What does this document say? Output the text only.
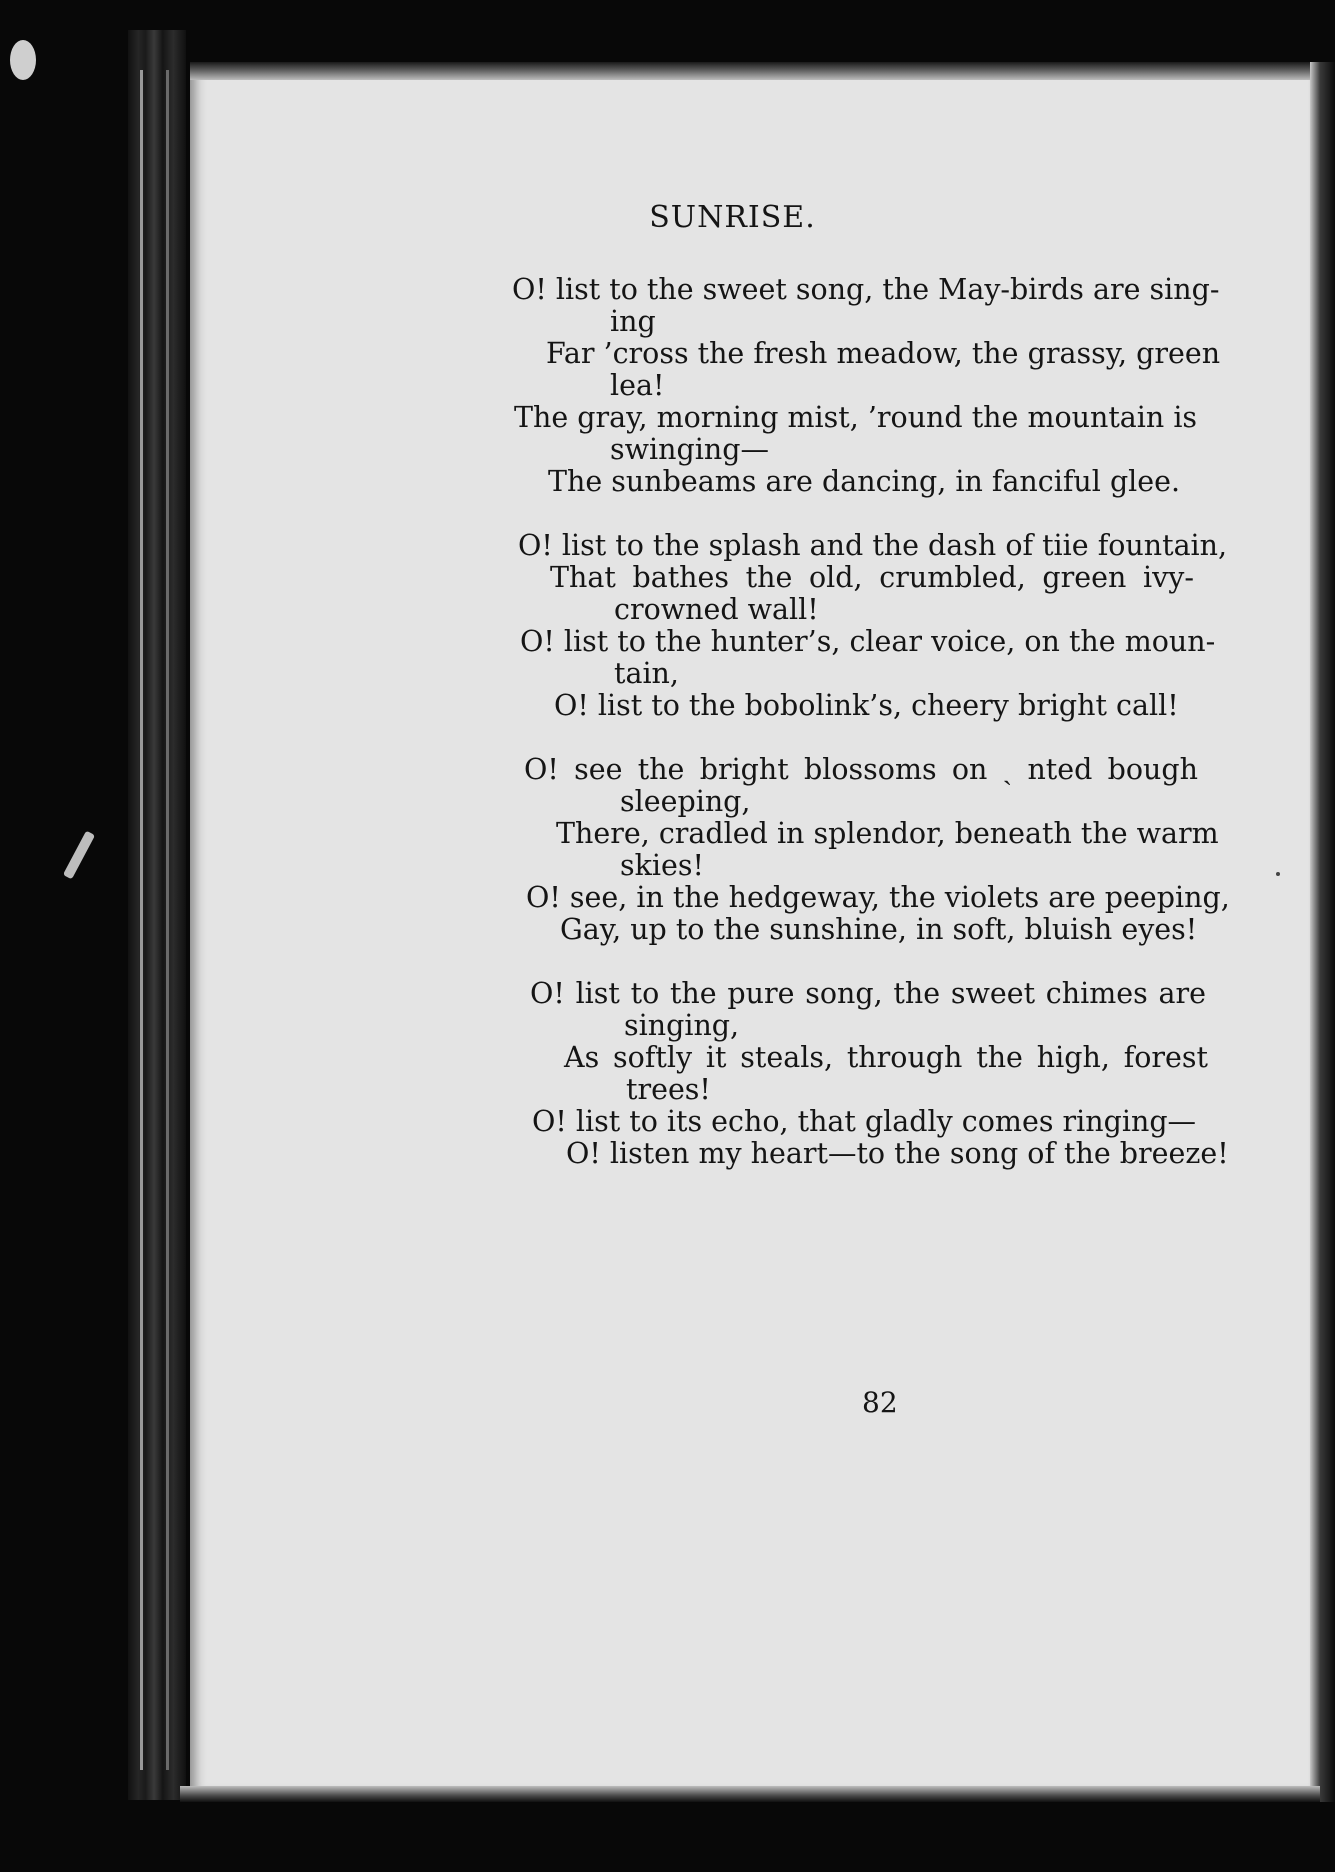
SUNRISE.
O! list to the sweet song, the May-birds are sing-
ing
Far ’cross the fresh meadow, the grassy, green
lea!
The gray, morning mist, ’round the mountain is
swinging—
The sunbeams are dancing, in fanciful glee.
O! list to the splash and the dash of tiie fountain,
That bathes the old, crumbled, green ivy-
crowned wall!
O! list to the hunter’s, clear voice, on the moun-
tain,
O! list to the bobolink’s, cheery bright call!
O! see the bright blossoms on ˏ nted bough
sleeping,
There, cradled in splendor, beneath the warm
skies!
O! see, in the hedgeway, the violets are peeping,
Gay, up to the sunshine, in soft, bluish eyes!
O! list to the pure song, the sweet chimes are
singing,
As softly it steals, through the high, forest
trees!
O! list to its echo, that gladly comes ringing—
O! listen my heart—to the song of the breeze!
82
